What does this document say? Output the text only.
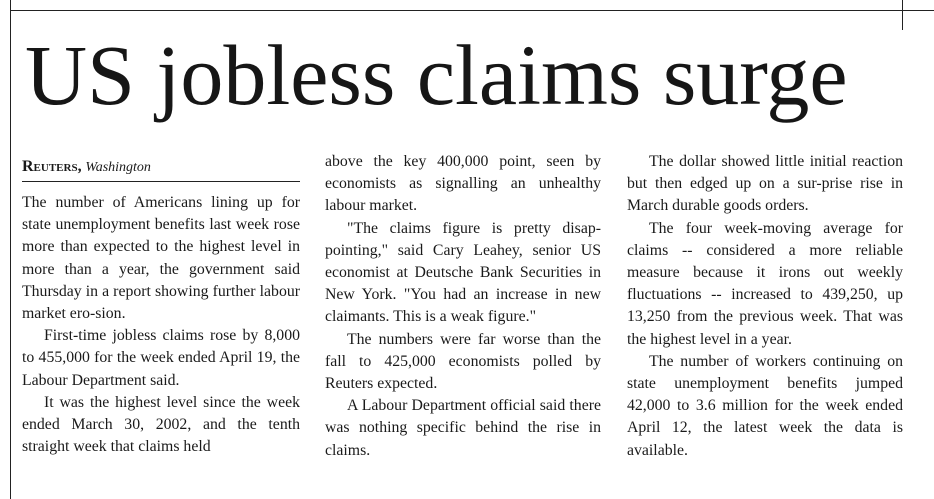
US jobless claims surge
Reuters, Washington

The number of Americans lining up for state unemployment benefits last week rose more than expected to the highest level in more than a year, the government said Thursday in a report showing further labour market ero-sion.

First-time jobless claims rose by 8,000 to 455,000 for the week ended April 19, the Labour Department said.

It was the highest level since the week ended March 30, 2002, and the tenth straight week that claims held

above the key 400,000 point, seen by economists as signalling an unhealthy labour market.

"The claims figure is pretty disap-pointing," said Cary Leahey, senior US economist at Deutsche Bank Securities in New York. "You had an increase in new claimants. This is a weak figure."

The numbers were far worse than the fall to 425,000 economists polled by Reuters expected.

A Labour Department official said there was nothing specific behind the rise in claims.

The dollar showed little initial reaction but then edged up on a sur-prise rise in March durable goods orders.

The four week-moving average for claims -- considered a more reliable measure because it irons out weekly fluctuations -- increased to 439,250, up 13,250 from the previous week. That was the highest level in a year.

The number of workers continuing on state unemployment benefits jumped 42,000 to 3.6 million for the week ended April 12, the latest week the data is available.
